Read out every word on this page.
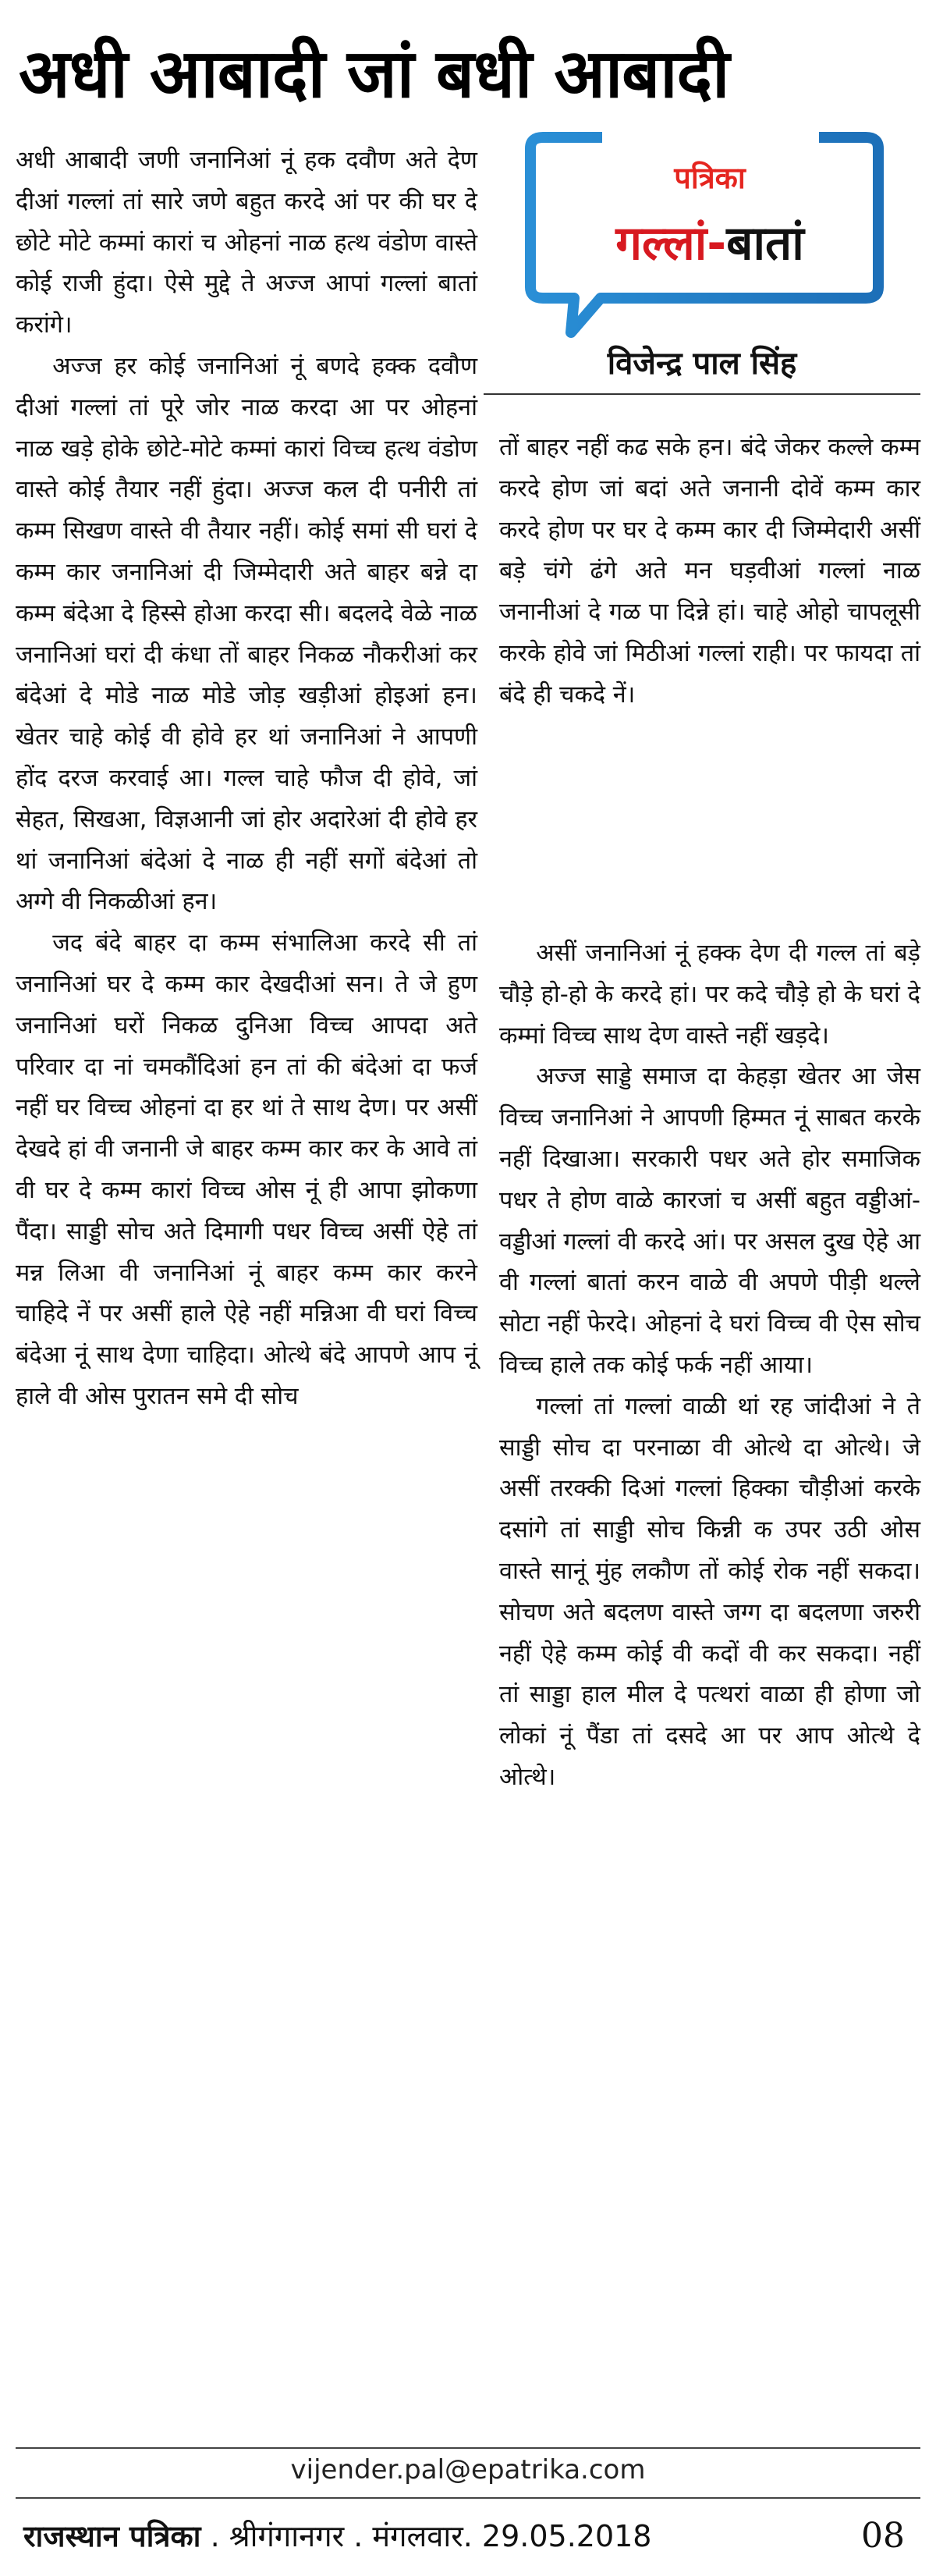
अधी आबादी जां बधी आबादी

अधी आबादी जणी जनानिआं नूं हक दवौण अते देण दीआं गल्लां तां सारे जणे बहुत करदे आं पर की घर दे छोटे मोटे कम्मां कारां च ओहनां नाळ हत्थ वंडोण वास्ते कोई राजी हुंदा। ऐसे मुद्दे ते अज्ज आपां गल्लां बातां करांगे।

अज्ज हर कोई जनानिआं नूं बणदे हक्क दवौण दीआं गल्लां तां पूरे जोर नाळ करदा आ पर ओहनां नाळ खड़े होके छोटे-मोटे कम्मां कारां विच्च हत्थ वंडोण वास्ते कोई तैयार नहीं हुंदा। अज्ज कल दी पनीरी तां कम्म सिखण वास्ते वी तैयार नहीं। कोई समां सी घरां दे कम्म कार जनानिआं दी जिम्मेदारी अते बाहर बन्ने दा कम्म बंदेआ दे हिस्से होआ करदा सी। बदलदे वेळे नाळ जनानिआं घरां दी कंधा तों बाहर निकळ नौकरीआं कर बंदेआं दे मोडे नाळ मोडे जोड़ खड़ीआं होइआं हन। खेतर चाहे कोई वी होवे हर थां जनानिआं ने आपणी होंद दरज करवाई आ। गल्ल चाहे फौज दी होवे, जां सेहत, सिखआ, विज्ञआनी जां होर अदारेआं दी होवे हर थां जनानिआं बंदेआं दे नाळ ही नहीं सगों बंदेआं तो अग्गे वी निकळीआं हन।

जद बंदे बाहर दा कम्म संभालिआ करदे सी तां जनानिआं घर दे कम्म कार देखदीआं सन। ते जे हुण जनानिआं घरों निकळ दुनिआ विच्च आपदा अते परिवार दा नां चमकौंदिआं हन तां की बंदेआं दा फर्ज नहीं घर विच्च ओहनां दा हर थां ते साथ देण। पर असीं देखदे हां वी जनानी जे बाहर कम्म कार कर के आवे तां वी घर दे कम्म कारां विच्च ओस नूं ही आपा झोकणा पैंदा। साड्डी सोच अते दिमागी पधर विच्च असीं ऐहे तां मन्न लिआ वी जनानिआं नूं बाहर कम्म कार करने चाहिदे नें पर असीं हाले ऐहे नहीं मन्निआ वी घरां विच्च बंदेआ नूं साथ देणा चाहिदा। ओत्थे बंदे आपणे आप नूं हाले वी ओस पुरातन समे दी सोच

पत्रिका
गल्लां-बातां
विजेन्द्र पाल सिंह

तों बाहर नहीं कढ सके हन। बंदे जेकर कल्ले कम्म करदे होण जां बदां अते जनानी दोवें कम्म कार करदे होण पर घर दे कम्म कार दी जिम्मेदारी असीं बड़े चंगे ढंगे अते मन घड़वीआं गल्लां नाळ जनानीआं दे गळ पा दिन्ने हां। चाहे ओहो चापलूसी करके होवे जां मिठीआं गल्लां राही। पर फायदा तां बंदे ही चकदे नें।

असीं जनानिआं नूं हक्क देण दी गल्ल तां बड़े चौड़े हो-हो के करदे हां। पर कदे चौड़े हो के घरां दे कम्मां विच्च साथ देण वास्ते नहीं खड़दे।

अज्ज साड्डे समाज दा केहड़ा खेतर आ जेस विच्च जनानिआं ने आपणी हिम्मत नूं साबत करके नहीं दिखाआ। सरकारी पधर अते होर समाजिक पधर ते होण वाळे कारजां च असीं बहुत वड्डीआं-वड्डीआं गल्लां वी करदे आं। पर असल दुख ऐहे आ वी गल्लां बातां करन वाळे वी अपणे पीड़ी थल्ले सोटा नहीं फेरदे। ओहनां दे घरां विच्च वी ऐस सोच विच्च हाले तक कोई फर्क नहीं आया।

गल्लां तां गल्लां वाळी थां रह जांदीआं ने ते साड्डी सोच दा परनाळा वी ओत्थे दा ओत्थे। जे असीं तरक्की दिआं गल्लां हिक्का चौड़ीआं करके दसांगे तां साड्डी सोच किन्नी क उपर उठी ओस वास्ते सानूं मुंह लकौण तों कोई रोक नहीं सकदा। सोचण अते बदलण वास्ते जग्ग दा बदलणा जरुरी नहीं ऐहे कम्म कोई वी कदों वी कर सकदा। नहीं तां साड्डा हाल मील दे पत्थरां वाळा ही होणा जो लोकां नूं पैंडा तां दसदे आ पर आप ओत्थे दे ओत्थे।

vijender.pal@epatrika.com
राजस्थान पत्रिका . श्रीगंगानगर . मंगलवार. 29.05.2018	08
